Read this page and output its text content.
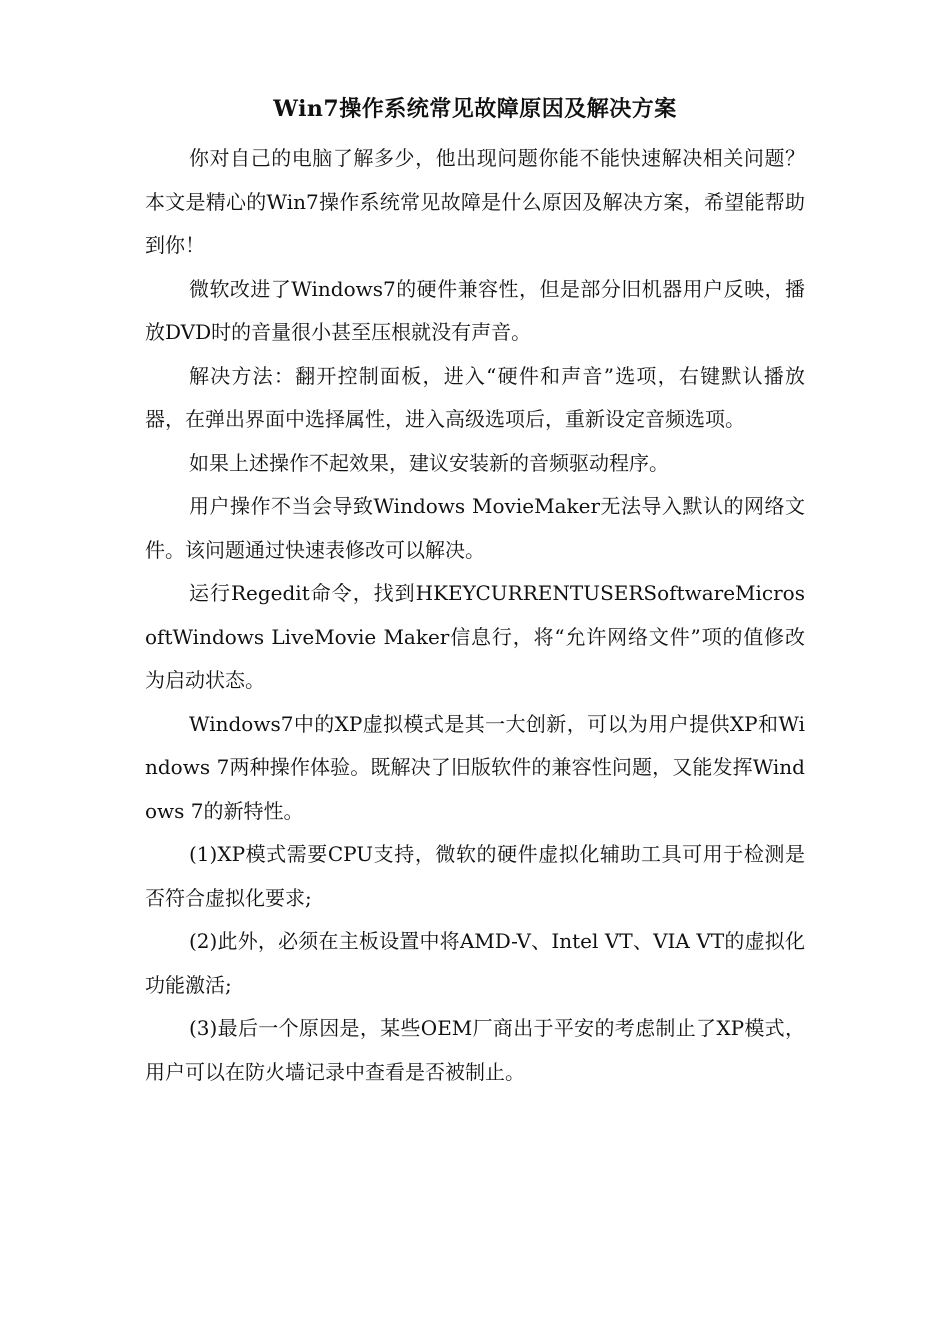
Win7操作系统常见故障原因及解决方案

你对自己的电脑了解多少，他出现问题你能不能快速解决相关问题？本文是精心的Win7操作系统常见故障是什么原因及解决方案，希望能帮助到你！

微软改进了Windows7的硬件兼容性，但是部分旧机器用户反映，播放DVD时的音量很小甚至压根就没有声音。

解决方法：翻开控制面板，进入“硬件和声音”选项，右键默认播放器，在弹出界面中选择属性，进入高级选项后，重新设定音频选项。

如果上述操作不起效果，建议安装新的音频驱动程序。

用户操作不当会导致Windows MovieMaker无法导入默认的网络文件。该问题通过快速表修改可以解决。

运行Regedit命令，找到HKEYCURRENTUSERSoftwareMicrosoftWindows LiveMovie Maker信息行，将“允许网络文件”项的值修改为启动状态。

Windows7中的XP虚拟模式是其一大创新，可以为用户提供XP和Windows 7两种操作体验。既解决了旧版软件的兼容性问题，又能发挥Windows 7的新特性。

(1)XP模式需要CPU支持，微软的硬件虚拟化辅助工具可用于检测是否符合虚拟化要求;

(2)此外，必须在主板设置中将AMD-V、Intel VT、VIA VT的虚拟化功能激活;

(3)最后一个原因是，某些OEM厂商出于平安的考虑制止了XP模式，用户可以在防火墙记录中查看是否被制止。
